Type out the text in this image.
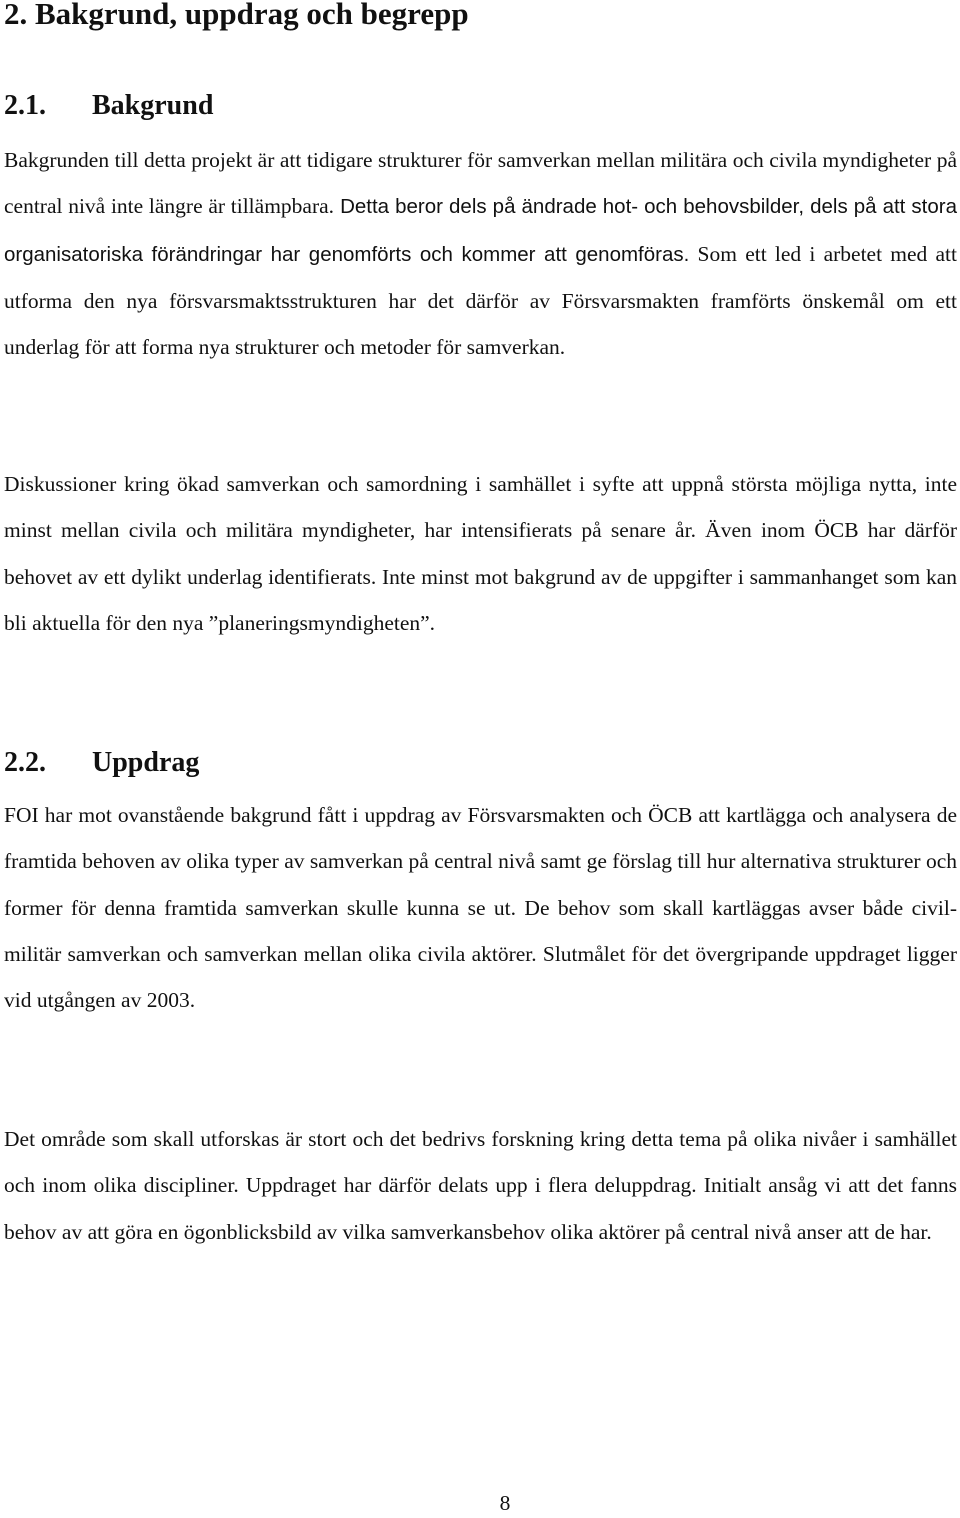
2. Bakgrund, uppdrag och begrepp
2.1. Bakgrund
Bakgrunden till detta projekt är att tidigare strukturer för samverkan mellan militära och civila myndigheter på central nivå inte längre är tillämpbara. Detta beror dels på ändrade hot- och behovsbilder, dels på att stora organisatoriska förändringar har genomförts och kommer att genomföras. Som ett led i arbetet med att utforma den nya försvarsmaktsstrukturen har det därför av Försvarsmakten framförts önskemål om ett underlag för att forma nya strukturer och metoder för samverkan.
Diskussioner kring ökad samverkan och samordning i samhället i syfte att uppnå största möjliga nytta, inte minst mellan civila och militära myndigheter, har intensifierats på senare år. Även inom ÖCB har därför behovet av ett dylikt underlag identifierats. Inte minst mot bakgrund av de uppgifter i sammanhanget som kan bli aktuella för den nya ”planeringsmyndigheten”.
2.2. Uppdrag
FOI har mot ovanstående bakgrund fått i uppdrag av Försvarsmakten och ÖCB att kartlägga och analysera de framtida behoven av olika typer av samverkan på central nivå samt ge förslag till hur alternativa strukturer och former för denna framtida samverkan skulle kunna se ut. De behov som skall kartläggas avser både civil-militär samverkan och samverkan mellan olika civila aktörer. Slutmålet för det övergripande uppdraget ligger vid utgången av 2003.
Det område som skall utforskas är stort och det bedrivs forskning kring detta tema på olika nivåer i samhället och inom olika discipliner. Uppdraget har därför delats upp i flera deluppdrag. Initialt ansåg vi att det fanns behov av att göra en ögonblicksbild av vilka samverkansbehov olika aktörer på central nivå anser att de har.
8
